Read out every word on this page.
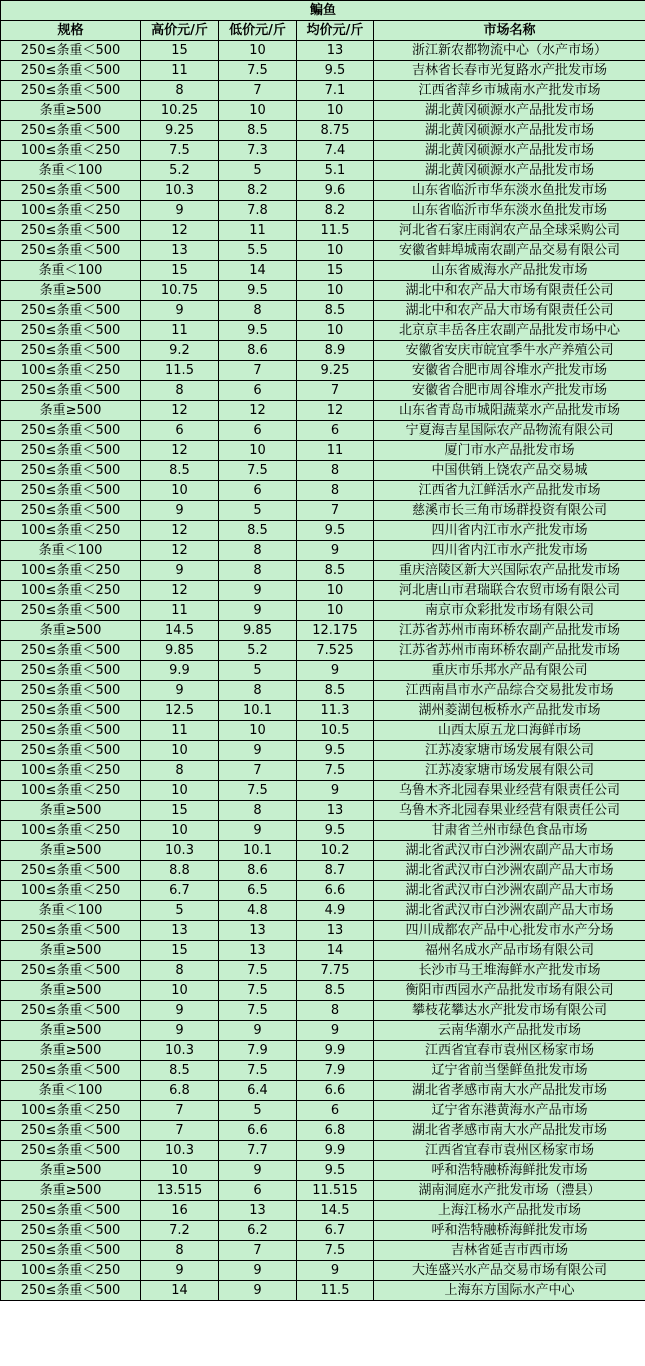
鳊鱼				
规格	高价元/斤	低价元/斤	均价元/斤	市场名称
250≤条重＜500	15	10	13	浙江新农都物流中心（水产市场）
250≤条重＜500	11	7.5	9.5	吉林省长春市光复路水产批发市场
250≤条重＜500	8	7	7.1	江西省萍乡市城南水产批发市场
条重≥500	10.25	10	10	湖北黄冈硕源水产品批发市场
250≤条重＜500	9.25	8.5	8.75	湖北黄冈硕源水产品批发市场
100≤条重＜250	7.5	7.3	7.4	湖北黄冈硕源水产品批发市场
条重＜100	5.2	5	5.1	湖北黄冈硕源水产品批发市场
250≤条重＜500	10.3	8.2	9.6	山东省临沂市华东淡水鱼批发市场
100≤条重＜250	9	7.8	8.2	山东省临沂市华东淡水鱼批发市场
250≤条重＜500	12	11	11.5	河北省石家庄雨润农产品全球采购公司
250≤条重＜500	13	5.5	10	安徽省蚌埠城南农副产品交易有限公司
条重＜100	15	14	15	山东省威海水产品批发市场
条重≥500	10.75	9.5	10	湖北中和农产品大市场有限责任公司
250≤条重＜500	9	8	8.5	湖北中和农产品大市场有限责任公司
250≤条重＜500	11	9.5	10	北京京丰岳各庄农副产品批发市场中心
250≤条重＜500	9.2	8.6	8.9	安徽省安庆市皖宜季牛水产养殖公司
100≤条重＜250	11.5	7	9.25	安徽省合肥市周谷堆水产批发市场
250≤条重＜500	8	6	7	安徽省合肥市周谷堆水产批发市场
条重≥500	12	12	12	山东省青岛市城阳蔬菜水产品批发市场
250≤条重＜500	6	6	6	宁夏海吉星国际农产品物流有限公司
250≤条重＜500	12	10	11	厦门市水产品批发市场
250≤条重＜500	8.5	7.5	8	中国供销上饶农产品交易城
250≤条重＜500	10	6	8	江西省九江鲜活水产品批发市场
250≤条重＜500	9	5	7	慈溪市长三角市场群投资有限公司
100≤条重＜250	12	8.5	9.5	四川省内江市水产批发市场
条重＜100	12	8	9	四川省内江市水产批发市场
100≤条重＜250	9	8	8.5	重庆涪陵区新大兴国际农产品批发市场
100≤条重＜250	12	9	10	河北唐山市君瑞联合农贸市场有限公司
250≤条重＜500	11	9	10	南京市众彩批发市场有限公司
条重≥500	14.5	9.85	12.175	江苏省苏州市南环桥农副产品批发市场
250≤条重＜500	9.85	5.2	7.525	江苏省苏州市南环桥农副产品批发市场
250≤条重＜500	9.9	5	9	重庆市乐邦水产品有限公司
250≤条重＜500	9	8	8.5	江西南昌市水产品综合交易批发市场
250≤条重＜500	12.5	10.1	11.3	湖州菱湖包板桥水产品批发市场
250≤条重＜500	11	10	10.5	山西太原五龙口海鲜市场
250≤条重＜500	10	9	9.5	江苏凌家塘市场发展有限公司
100≤条重＜250	8	7	7.5	江苏凌家塘市场发展有限公司
100≤条重＜250	10	7.5	9	乌鲁木齐北园春果业经营有限责任公司
条重≥500	15	8	13	乌鲁木齐北园春果业经营有限责任公司
100≤条重＜250	10	9	9.5	甘肃省兰州市绿色食品市场
条重≥500	10.3	10.1	10.2	湖北省武汉市白沙洲农副产品大市场
250≤条重＜500	8.8	8.6	8.7	湖北省武汉市白沙洲农副产品大市场
100≤条重＜250	6.7	6.5	6.6	湖北省武汉市白沙洲农副产品大市场
条重＜100	5	4.8	4.9	湖北省武汉市白沙洲农副产品大市场
250≤条重＜500	13	13	13	四川成都农产品中心批发市水产分场
条重≥500	15	13	14	福州名成水产品市场有限公司
250≤条重＜500	8	7.5	7.75	长沙市马王堆海鲜水产批发市场
条重≥500	10	7.5	8.5	衡阳市西园水产品批发市场有限公司
250≤条重＜500	9	7.5	8	攀枝花攀达水产批发市场有限公司
条重≥500	9	9	9	云南华潮水产品批发市场
条重≥500	10.3	7.9	9.9	江西省宜春市袁州区杨家市场
250≤条重＜500	8.5	7.5	7.9	辽宁省前当堡鲜鱼批发市场
条重＜100	6.8	6.4	6.6	湖北省孝感市南大水产品批发市场
100≤条重＜250	7	5	6	辽宁省东港黄海水产品市场
250≤条重＜500	7	6.6	6.8	湖北省孝感市南大水产品批发市场
250≤条重＜500	10.3	7.7	9.9	江西省宜春市袁州区杨家市场
条重≥500	10	9	9.5	呼和浩特融桥海鲜批发市场
条重≥500	13.515	6	11.515	湖南洞庭水产批发市场（澧县）
250≤条重＜500	16	13	14.5	上海江杨水产品批发市场
250≤条重＜500	7.2	6.2	6.7	呼和浩特融桥海鲜批发市场
250≤条重＜500	8	7	7.5	吉林省延吉市西市场
100≤条重＜250	9	9	9	大连盛兴水产品交易市场有限公司
250≤条重＜500	14	9	11.5	上海东方国际水产中心
